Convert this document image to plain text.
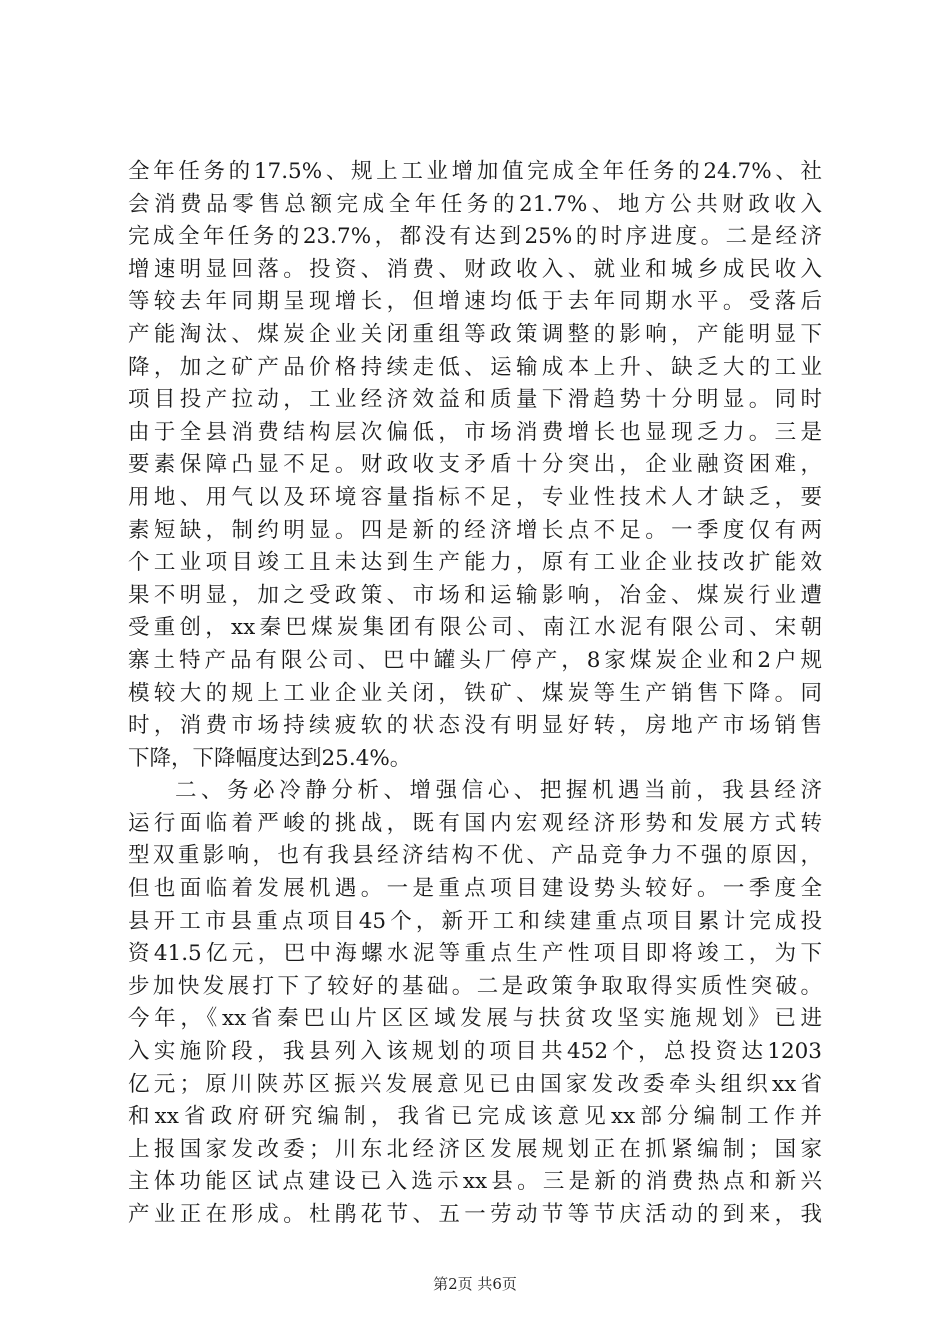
全年任务的17.5%、规上工业增加值完成全年任务的24.7%、社
会消费品零售总额完成全年任务的21.7%、地方公共财政收入
完成全年任务的23.7%，都没有达到25%的时序进度。二是经济
增速明显回落。投资、消费、财政收入、就业和城乡成民收入
等较去年同期呈现增长，但增速均低于去年同期水平。受落后
产能淘汰、煤炭企业关闭重组等政策调整的影响，产能明显下
降，加之矿产品价格持续走低、运输成本上升、缺乏大的工业
项目投产拉动，工业经济效益和质量下滑趋势十分明显。同时
由于全县消费结构层次偏低，市场消费增长也显现乏力。三是
要素保障凸显不足。财政收支矛盾十分突出，企业融资困难，
用地、用气以及环境容量指标不足，专业性技术人才缺乏，要
素短缺，制约明显。四是新的经济增长点不足。一季度仅有两
个工业项目竣工且未达到生产能力，原有工业企业技改扩能效
果不明显，加之受政策、市场和运输影响，冶金、煤炭行业遭
受重创，xx秦巴煤炭集团有限公司、南江水泥有限公司、宋朝
寨土特产品有限公司、巴中罐头厂停产，8家煤炭企业和2户规
模较大的规上工业企业关闭，铁矿、煤炭等生产销售下降。同
时，消费市场持续疲软的状态没有明显好转，房地产市场销售
下降，下降幅度达到25.4%。
二、务必冷静分析、增强信心、把握机遇当前，我县经济
运行面临着严峻的挑战，既有国内宏观经济形势和发展方式转
型双重影响，也有我县经济结构不优、产品竞争力不强的原因，
但也面临着发展机遇。一是重点项目建设势头较好。一季度全
县开工市县重点项目45个，新开工和续建重点项目累计完成投
资41.5亿元，巴中海螺水泥等重点生产性项目即将竣工，为下
步加快发展打下了较好的基础。二是政策争取取得实质性突破。
今年，《xx省秦巴山片区区域发展与扶贫攻坚实施规划》已进
入实施阶段，我县列入该规划的项目共452个，总投资达1203
亿元；原川陕苏区振兴发展意见已由国家发改委牵头组织xx省
和xx省政府研究编制，我省已完成该意见xx部分编制工作并
上报国家发改委；川东北经济区发展规划正在抓紧编制；国家
主体功能区试点建设已入选示xx县。三是新的消费热点和新兴
产业正在形成。杜鹃花节、五一劳动节等节庆活动的到来，我
第2页 共6页
